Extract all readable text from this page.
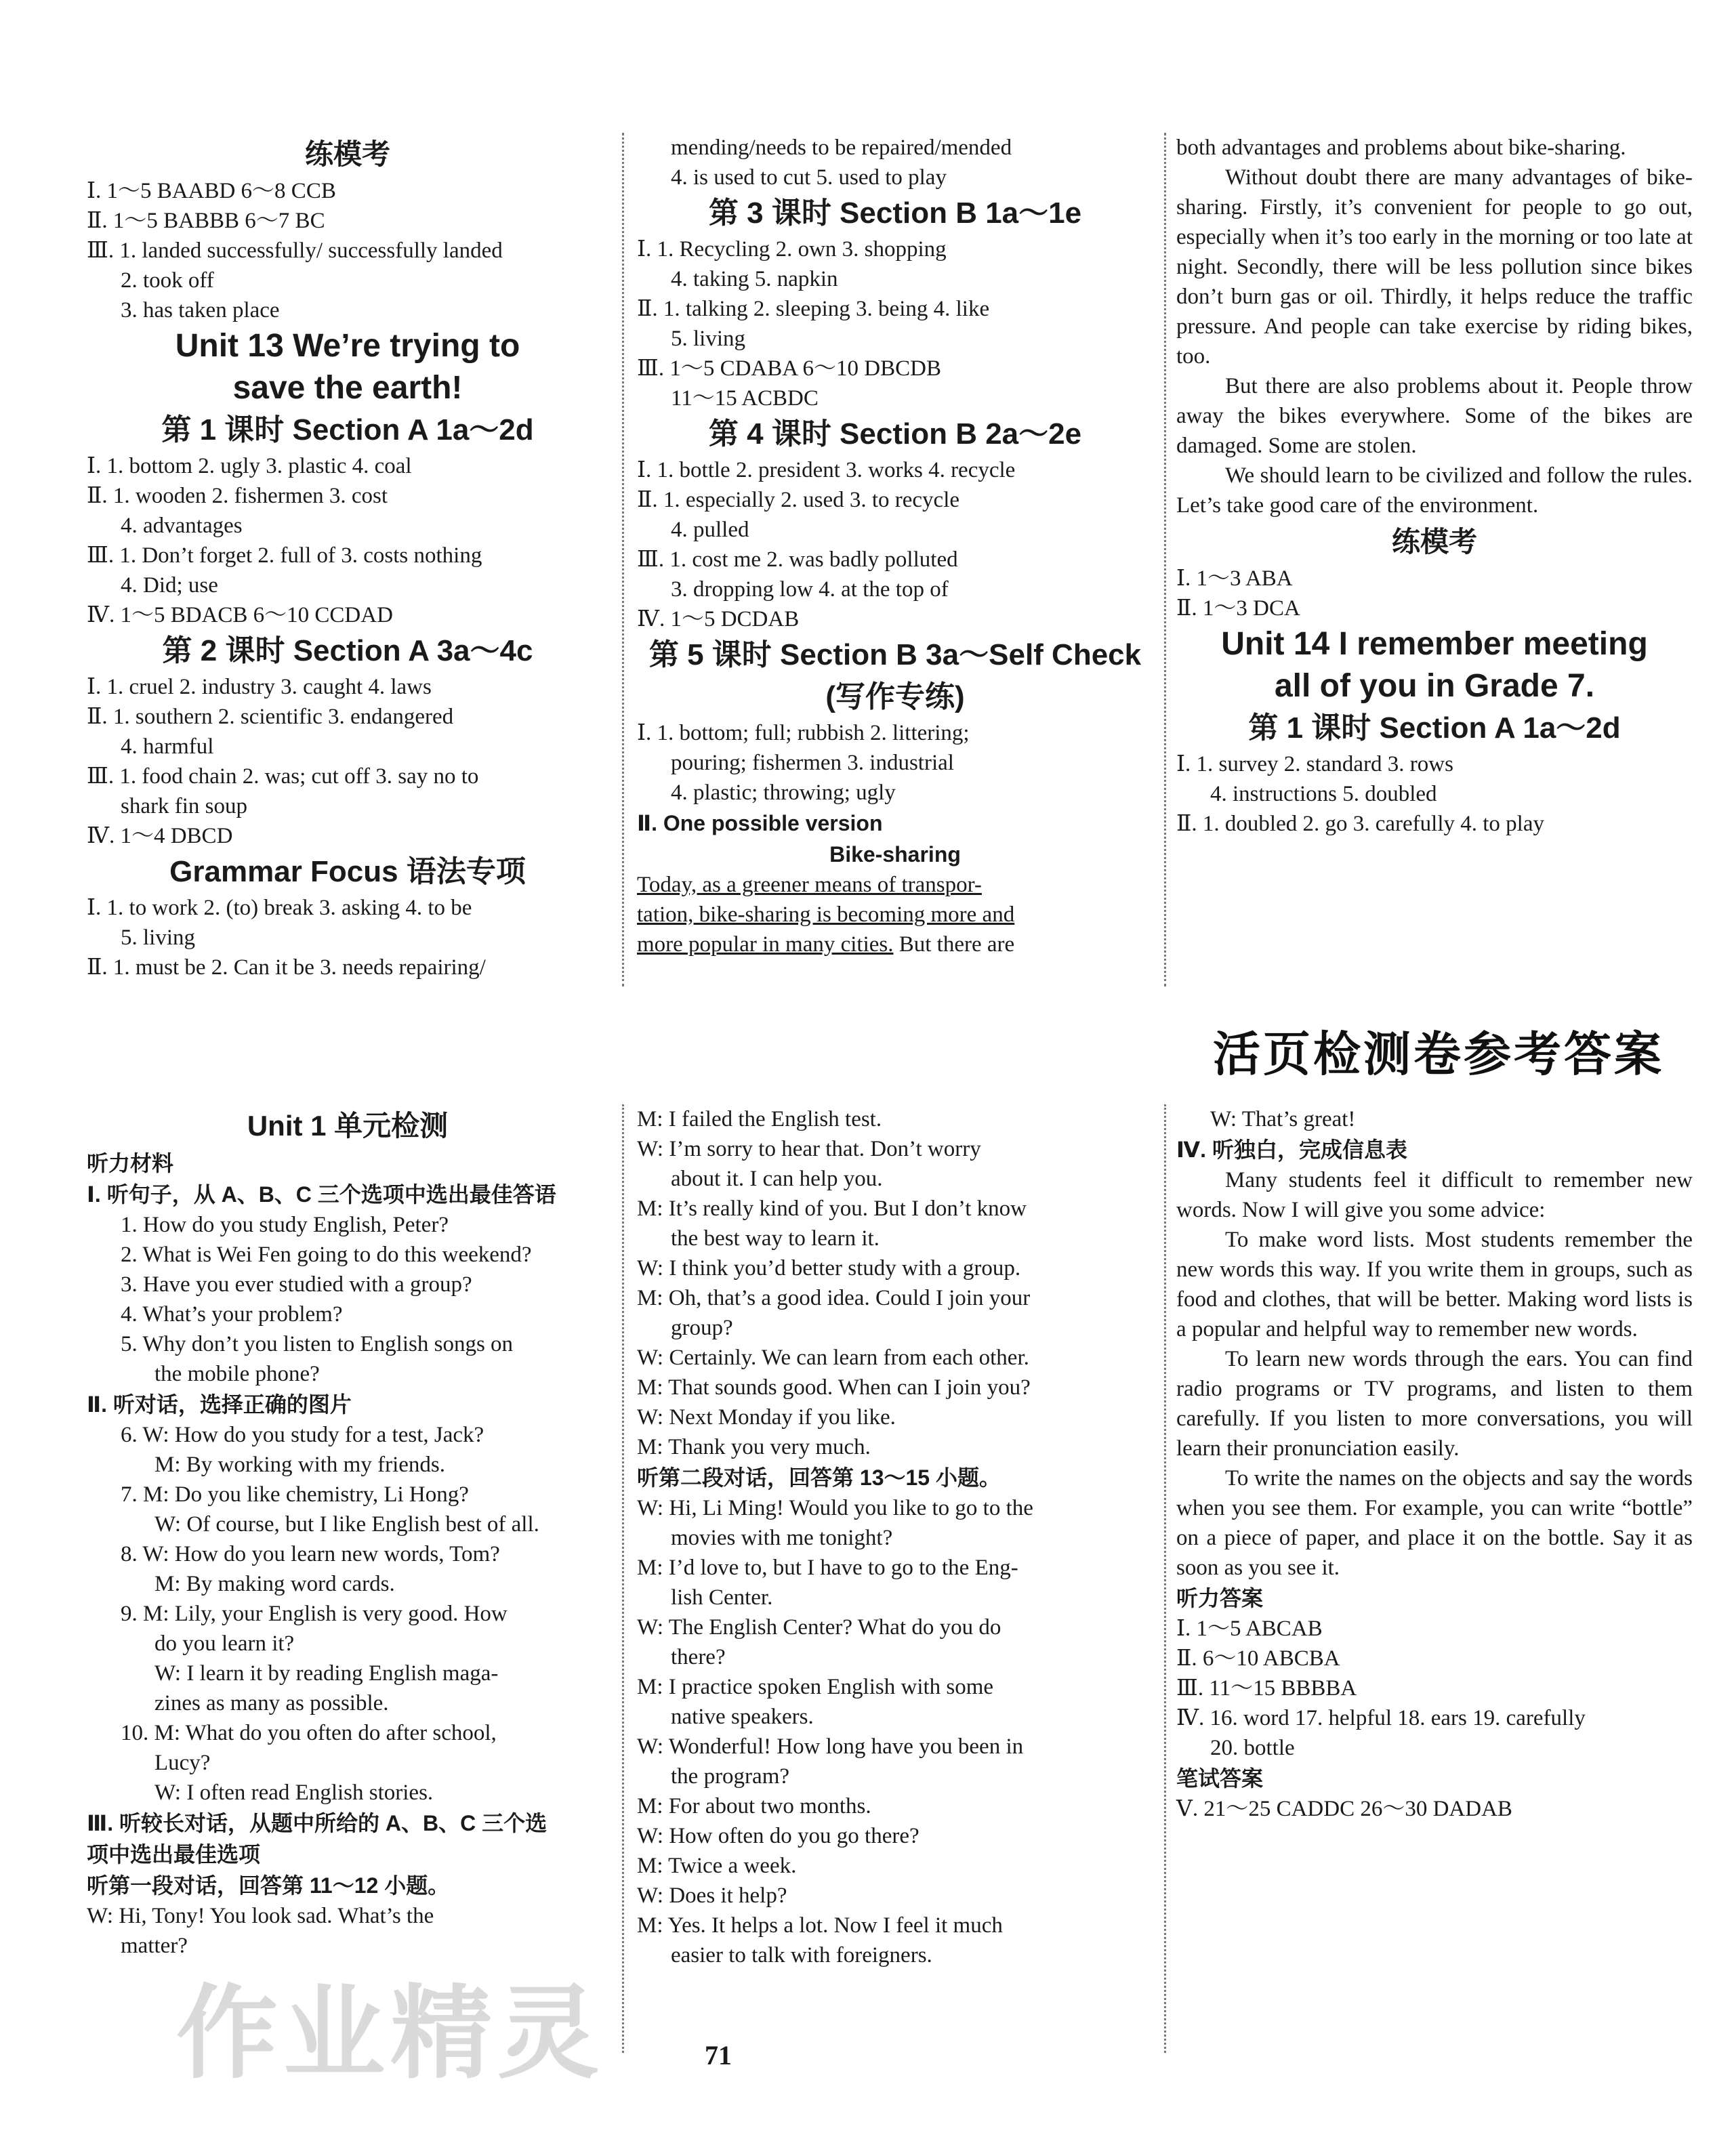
练模考
Ⅰ. 1～5 BAABD 6～8 CCB
Ⅱ. 1～5 BABBB 6～7 BC
Ⅲ. 1. landed successfully/ successfully landed
2. took off
3. has taken place
Unit 13 We’re trying to
save the earth!
第 1 课时 Section A 1a～2d
Ⅰ. 1. bottom 2. ugly 3. plastic 4. coal
Ⅱ. 1. wooden 2. fishermen 3. cost
4. advantages
Ⅲ. 1. Don’t forget 2. full of 3. costs nothing
4. Did; use
Ⅳ. 1～5 BDACB 6～10 CCDAD
第 2 课时 Section A 3a～4c
Ⅰ. 1. cruel 2. industry 3. caught 4. laws
Ⅱ. 1. southern 2. scientific 3. endangered
4. harmful
Ⅲ. 1. food chain 2. was; cut off 3. say no to
shark fin soup
Ⅳ. 1～4 DBCD
Grammar Focus 语法专项
Ⅰ. 1. to work 2. (to) break 3. asking 4. to be
5. living
Ⅱ. 1. must be 2. Can it be 3. needs repairing/
mending/needs to be repaired/mended
4. is used to cut 5. used to play
第 3 课时 Section B 1a～1e
Ⅰ. 1. Recycling 2. own 3. shopping
4. taking 5. napkin
Ⅱ. 1. talking 2. sleeping 3. being 4. like
5. living
Ⅲ. 1～5 CDABA 6～10 DBCDB
11～15 ACBDC
第 4 课时 Section B 2a～2e
Ⅰ. 1. bottle 2. president 3. works 4. recycle
Ⅱ. 1. especially 2. used 3. to recycle
4. pulled
Ⅲ. 1. cost me 2. was badly polluted
3. dropping low 4. at the top of
Ⅳ. 1～5 DCDAB
第 5 课时 Section B 3a～Self Check
(写作专练)
Ⅰ. 1. bottom; full; rubbish 2. littering;
pouring; fishermen 3. industrial
4. plastic; throwing; ugly
Ⅱ. One possible version
Bike-sharing
Today, as a greener means of transpor-
tation, bike-sharing is becoming more and
more popular in many cities. But there are
both advantages and problems about bike-sharing.
Without doubt there are many advantages of bike-sharing. Firstly, it’s convenient for people to go out, especially when it’s too early in the morning or too late at night. Secondly, there will be less pollution since bikes don’t burn gas or oil. Thirdly, it helps reduce the traffic pressure. And people can take exercise by riding bikes, too.
But there are also problems about it. People throw away the bikes everywhere. Some of the bikes are damaged. Some are stolen.
We should learn to be civilized and follow the rules. Let’s take good care of the environment.
练模考
Ⅰ. 1～3 ABA
Ⅱ. 1～3 DCA
Unit 14 I remember meeting
all of you in Grade 7.
第 1 课时 Section A 1a～2d
Ⅰ. 1. survey 2. standard 3. rows
4. instructions 5. doubled
Ⅱ. 1. doubled 2. go 3. carefully 4. to play
活页检测卷参考答案
Unit 1 单元检测
听力材料
Ⅰ. 听句子，从 A、B、C 三个选项中选出最佳答语
1. How do you study English, Peter?
2. What is Wei Fen going to do this weekend?
3. Have you ever studied with a group?
4. What’s your problem?
5. Why don’t you listen to English songs on
the mobile phone?
Ⅱ. 听对话，选择正确的图片
6. W: How do you study for a test, Jack?
M: By working with my friends.
7. M: Do you like chemistry, Li Hong?
W: Of course, but I like English best of all.
8. W: How do you learn new words, Tom?
M: By making word cards.
9. M: Lily, your English is very good. How
do you learn it?
W: I learn it by reading English maga-
zines as many as possible.
10. M: What do you often do after school,
Lucy?
W: I often read English stories.
Ⅲ. 听较长对话，从题中所给的 A、B、C 三个选
项中选出最佳选项
听第一段对话，回答第 11～12 小题。
W: Hi, Tony! You look sad. What’s the
matter?
M: I failed the English test.
W: I’m sorry to hear that. Don’t worry
about it. I can help you.
M: It’s really kind of you. But I don’t know
the best way to learn it.
W: I think you’d better study with a group.
M: Oh, that’s a good idea. Could I join your
group?
W: Certainly. We can learn from each other.
M: That sounds good. When can I join you?
W: Next Monday if you like.
M: Thank you very much.
听第二段对话，回答第 13～15 小题。
W: Hi, Li Ming! Would you like to go to the
movies with me tonight?
M: I’d love to, but I have to go to the Eng-
lish Center.
W: The English Center? What do you do
there?
M: I practice spoken English with some
native speakers.
W: Wonderful! How long have you been in
the program?
M: For about two months.
W: How often do you go there?
M: Twice a week.
W: Does it help?
M: Yes. It helps a lot. Now I feel it much
easier to talk with foreigners.
W: That’s great!
Ⅳ. 听独白，完成信息表
Many students feel it difficult to remember new words. Now I will give you some advice:
To make word lists. Most students remember the new words this way. If you write them in groups, such as food and clothes, that will be better. Making word lists is a popular and helpful way to remember new words.
To learn new words through the ears. You can find radio programs or TV programs, and listen to them carefully. If you listen to more conversations, you will learn their pronunciation easily.
To write the names on the objects and say the words when you see them. For example, you can write “bottle” on a piece of paper, and place it on the bottle. Say it as soon as you see it.
听力答案
Ⅰ. 1～5 ABCAB
Ⅱ. 6～10 ABCBA
Ⅲ. 11～15 BBBBA
Ⅳ. 16. word 17. helpful 18. ears 19. carefully
20. bottle
笔试答案
Ⅴ. 21～25 CADDC 26～30 DADAB
71
作业精灵
